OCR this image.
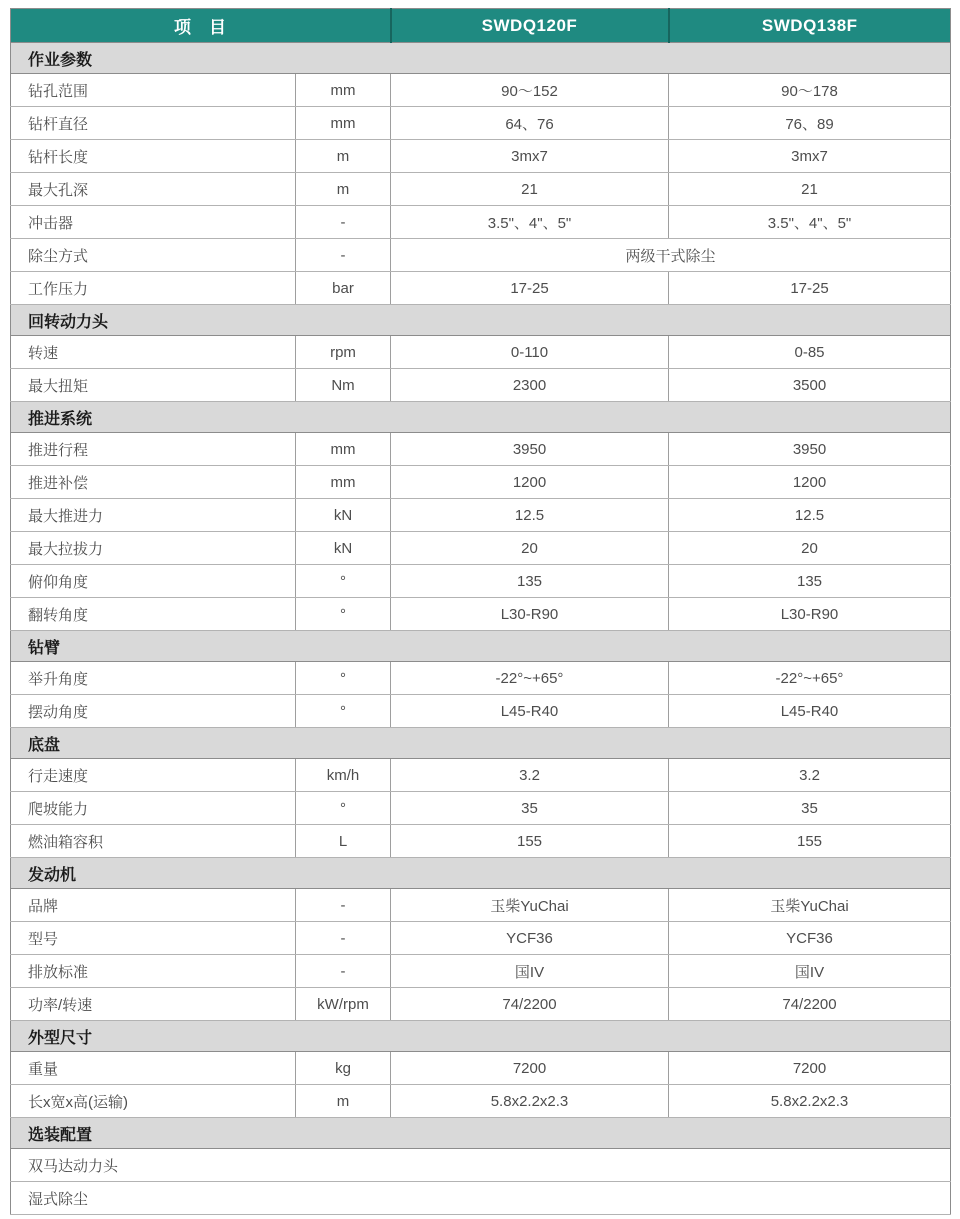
项　目		SWDQ120F	SWDQ138F
作业参数			
钻孔范围	mm	90～152	90～178
钻杆直径	mm	64、76	76、89
钻杆长度	m	3mx7	3mx7
最大孔深	m	21	21
冲击器	-	3.5"、4"、5"	3.5"、4"、5"
除尘方式	-	两级干式除尘	
工作压力	bar	17-25	17-25
回转动力头			
转速	rpm	0-110	0-85
最大扭矩	Nm	2300	3500
推进系统			
推进行程	mm	3950	3950
推进补偿	mm	1200	1200
最大推进力	kN	12.5	12.5
最大拉拔力	kN	20	20
俯仰角度	°	135	135
翻转角度	°	L30-R90	L30-R90
钻臂			
举升角度	°	-22°~+65°	-22°~+65°
摆动角度	°	L45-R40	L45-R40
底盘			
行走速度	km/h	3.2	3.2
爬坡能力	°	35	35
燃油箱容积	L	155	155
发动机			
品牌	-	玉柴YuChai	玉柴YuChai
型号	-	YCF36	YCF36
排放标准	-	国IV	国IV
功率/转速	kW/rpm	74/2200	74/2200
外型尺寸			
重量	kg	7200	7200
长x宽x高(运输)	m	5.8x2.2x2.3	5.8x2.2x2.3
选装配置			
双马达动力头			
湿式除尘			
